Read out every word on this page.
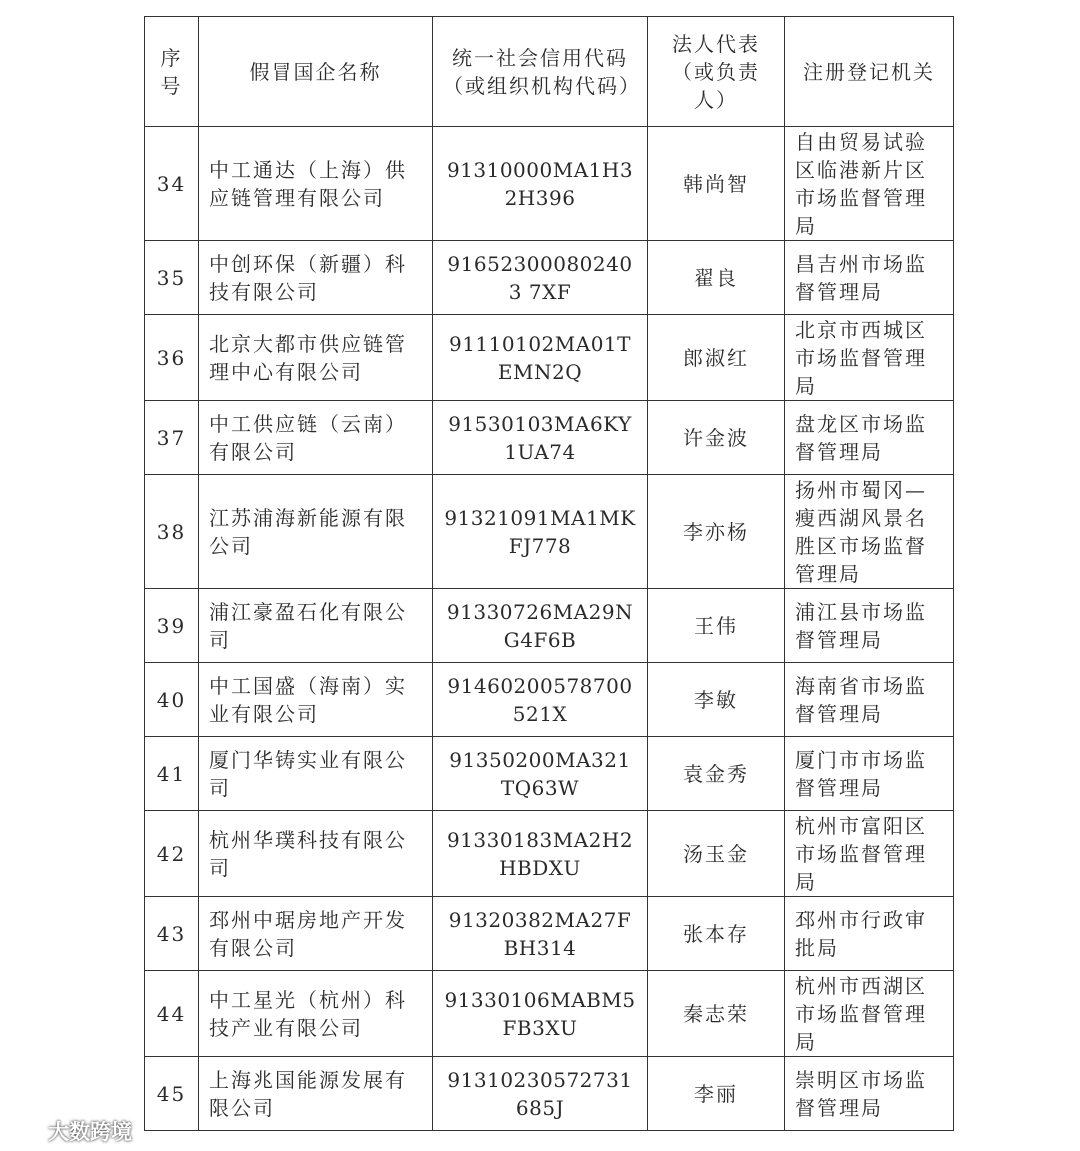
序号	假冒国企名称	统一社会信用代码（或组织机构代码）	法人代表（或负责人）	注册登记机关
34	中工通达（上海）供应链管理有限公司	91310000MA1H32H396	韩尚智	自由贸易试验区临港新片区市场监督管理局
35	中创环保（新疆）科技有限公司	916523000802403 7XF	翟良	昌吉州市场监督管理局
36	北京大都市供应链管理中心有限公司	91110102MA01TEMN2Q	郎淑红	北京市西城区市场监督管理局
37	中工供应链（云南）有限公司	91530103MA6KY1UA74	许金波	盘龙区市场监督管理局
38	江苏浦海新能源有限公司	91321091MA1MKFJ778	李亦杨	扬州市蜀冈—瘦西湖风景名胜区市场监督管理局
39	浦江豪盈石化有限公司	91330726MA29NG4F6B	王伟	浦江县市场监督管理局
40	中工国盛（海南）实业有限公司	91460200578700521X	李敏	海南省市场监督管理局
41	厦门华铸实业有限公司	91350200MA321TQ63W	袁金秀	厦门市市场监督管理局
42	杭州华璞科技有限公司	91330183MA2H2HBDXU	汤玉金	杭州市富阳区市场监督管理局
43	邳州中琚房地产开发有限公司	91320382MA27FBH314	张本存	邳州市行政审批局
44	中工星光（杭州）科技产业有限公司	91330106MABM5FB3XU	秦志荣	杭州市西湖区市场监督管理局
45	上海兆国能源发展有限公司	91310230572731685J	李丽	崇明区市场监督管理局
大数跨境
